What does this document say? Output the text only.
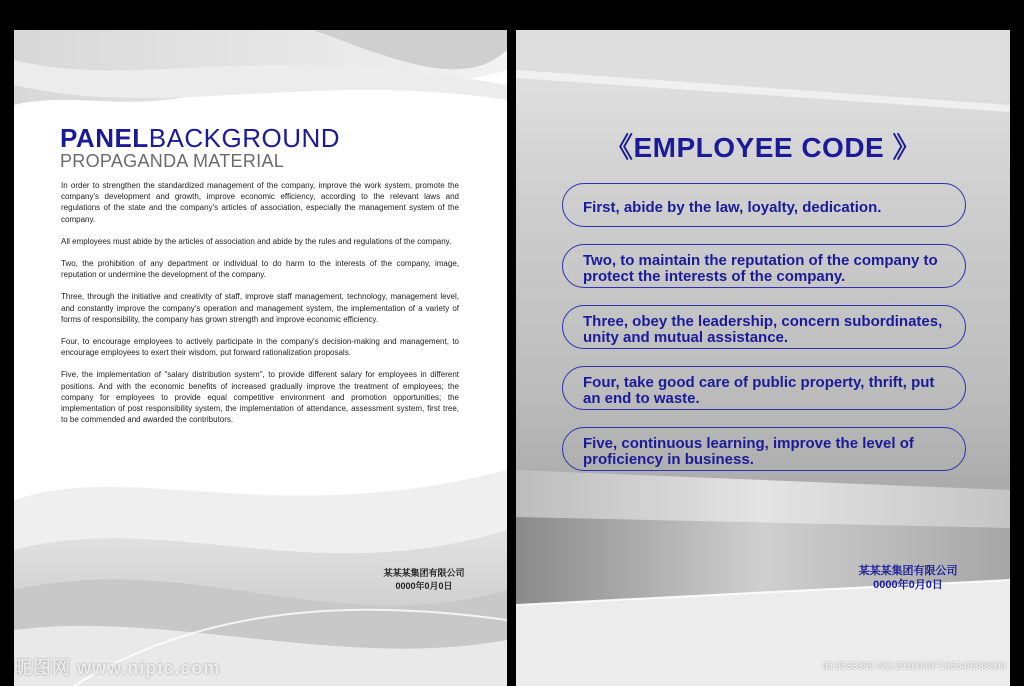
PANELBACKGROUND
PROPAGANDA MATERIAL

In order to strengthen the standardized management of the company, improve the work system, promote the company's development and growth, improve economic efficiency, according to the relevant laws and regulations of the state and the company's articles of association, especially the management system of the company.

All employees must abide by the articles of association and abide by the rules and regulations of the company.

Two, the prohibition of any department or individual to do harm to the interests of the company, image, reputation or undermine the development of the company.

Three, through the initiative and creativity of staff, improve staff management, technology, management level, and constantly improve the company's operation and management system, the implementation of a variety of forms of responsibility, the company has grown strength and improve economic efficiency.

Four, to encourage employees to actively participate in the company's decision-making and management, to encourage employees to exert their wisdom, put forward rationalization proposals.

Five, the implementation of "salary distribution system", to provide different salary for employees in different positions. And with the economic benefits of increased gradually improve the treatment of employees; the company for employees to provide equal competitive environment and promotion opportunities; the implementation of post responsibility system, the implementation of attendance, assessment system, first tree, to be commended and awarded the contributors.

某某某集团有限公司
0000年0月0日
昵图网 www.nipic.com
《EMPLOYEE CODE 》
First, abide by the law, loyalty, dedication.
Two, to maintain the reputation of the company to protect the interests of the company.
Three, obey the leadership, concern subordinates, unity and mutual assistance.
Four, take good care of public property, thrift, put an end to waste.
Five, continuous learning, improve the level of proficiency in business.
某某某集团有限公司
0000年0月0日
ID:8533399 NO:20200307165649388000
